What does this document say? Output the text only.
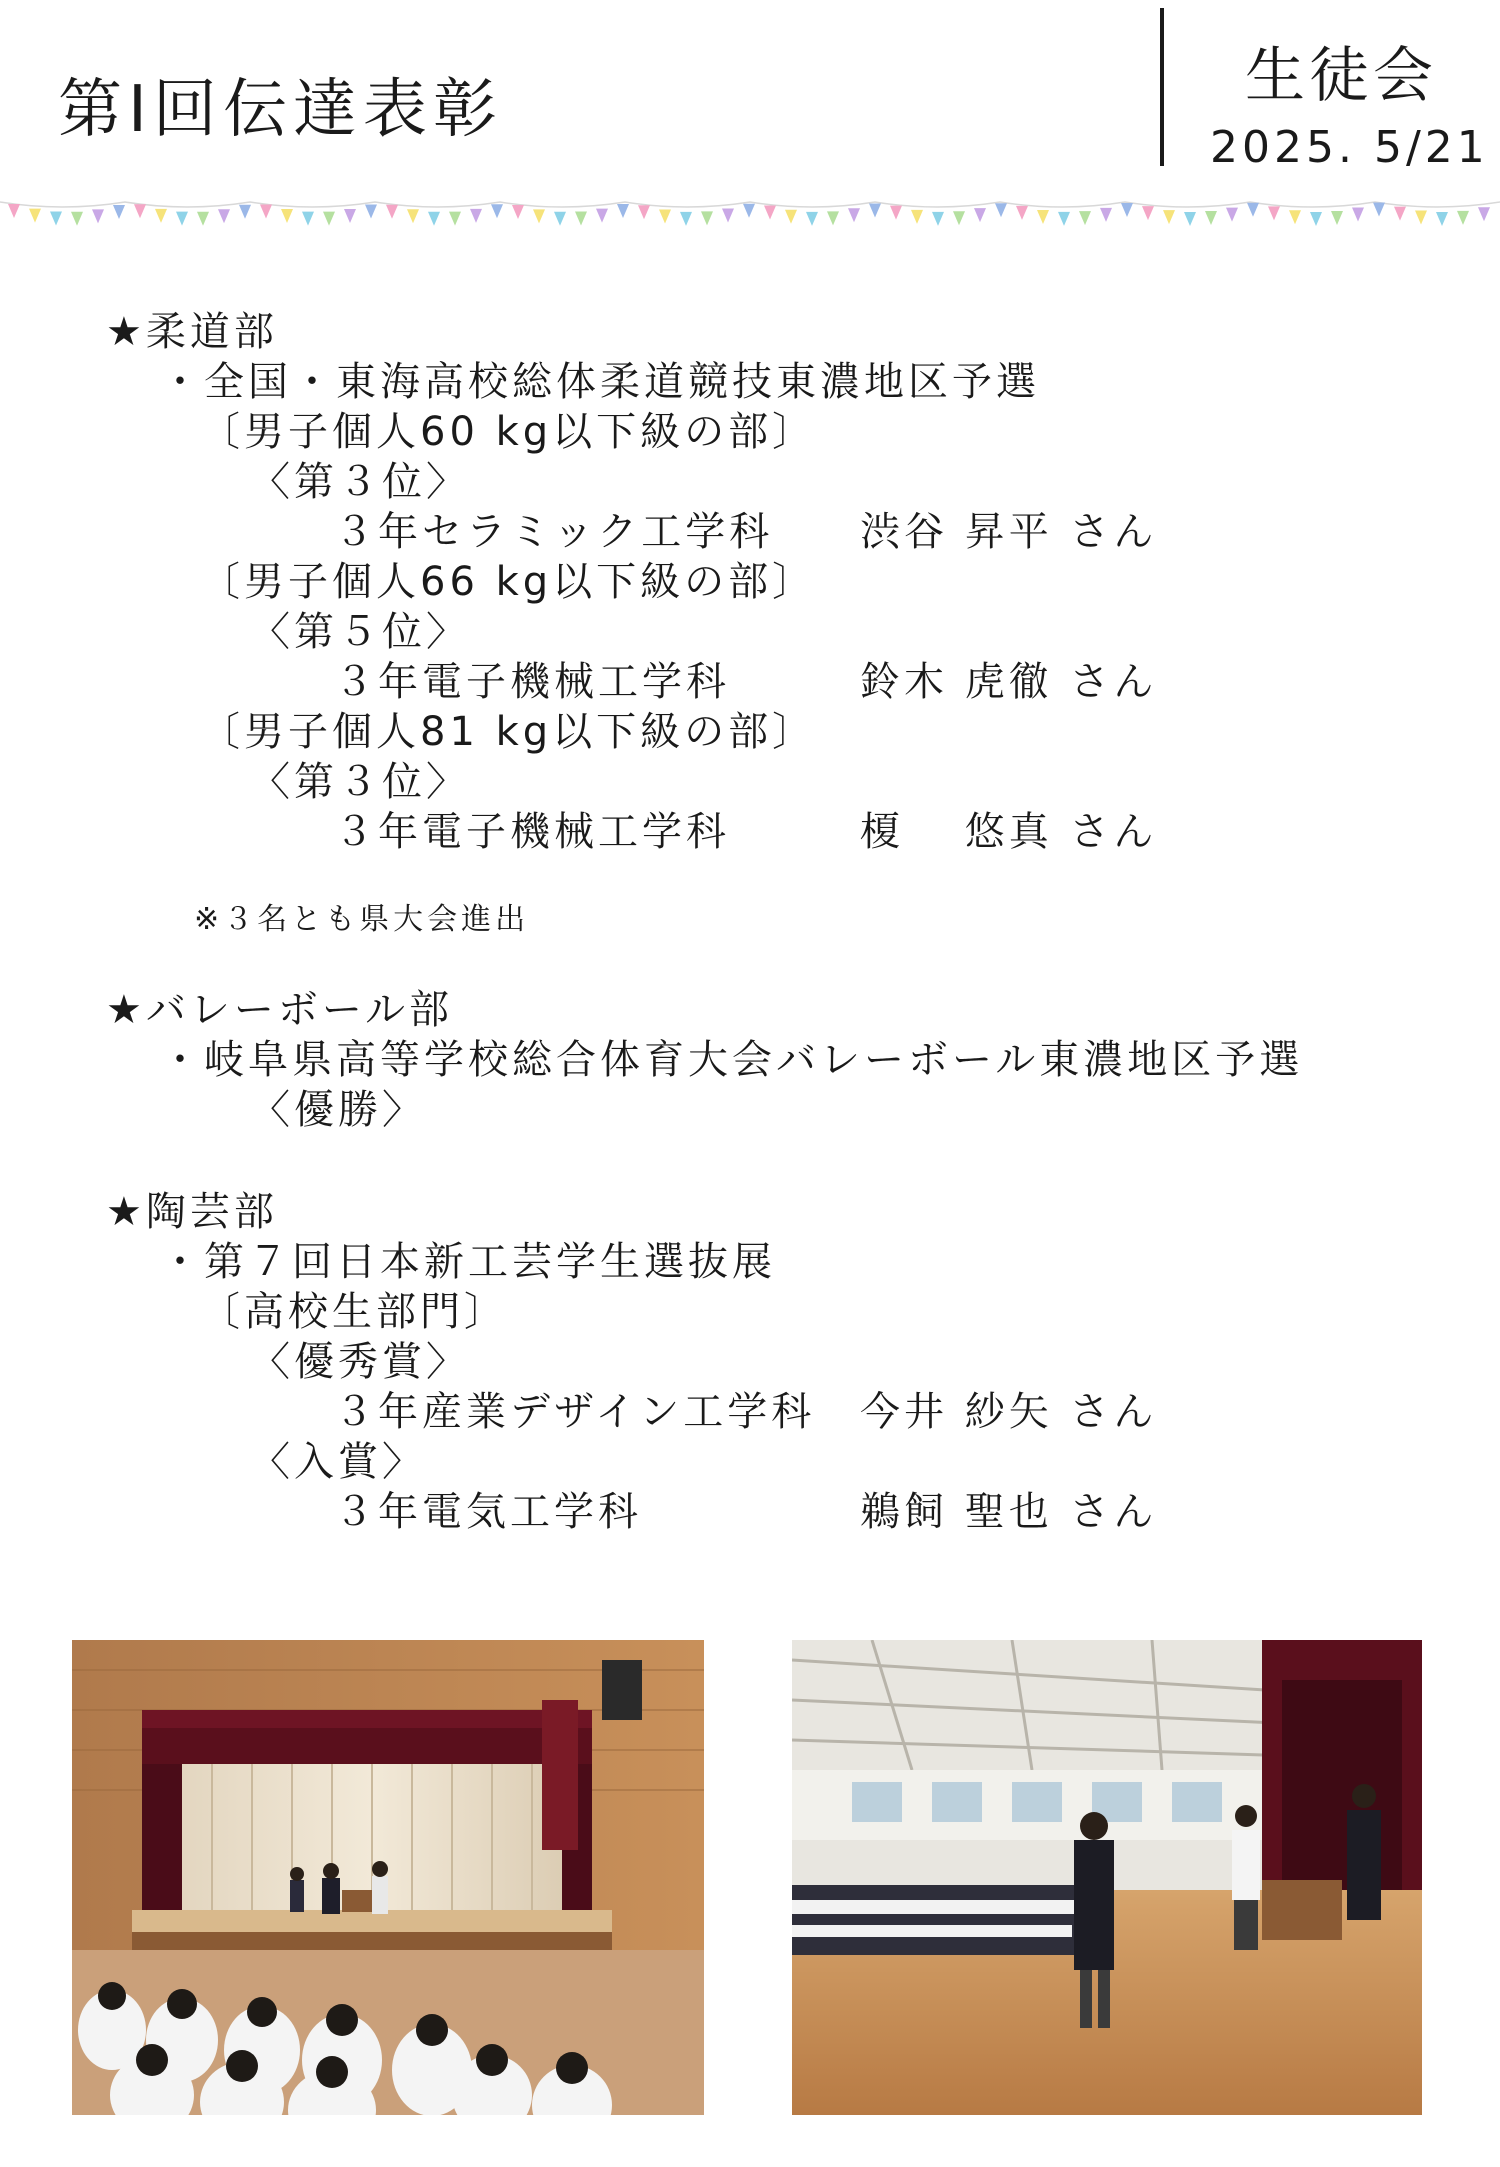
第Ⅰ回伝達表彰	生徒会
2025. 5/21
★柔道部
・全国・東海高校総体柔道競技東濃地区予選
〔男子個人60 kg以下級の部〕
〈第３位〉
３年セラミック工学科 渋谷 昇平 さん
〔男子個人66 kg以下級の部〕
〈第５位〉
３年電子機械工学科	鈴木 虎徹 さん
〔男子個人81 kg以下級の部〕
〈第３位〉
３年電子機械工学科	榎　 悠真 さん
※３名とも県大会進出
★バレーボール部
・岐阜県高等学校総合体育大会バレーボール東濃地区予選
〈優勝〉
★陶芸部
・第７回日本新工芸学生選抜展
〔高校生部門〕
〈優秀賞〉
３年産業デザイン工学科 今井 紗矢 さん
〈入賞〉
３年電気工学科	鵜飼 聖也 さん
